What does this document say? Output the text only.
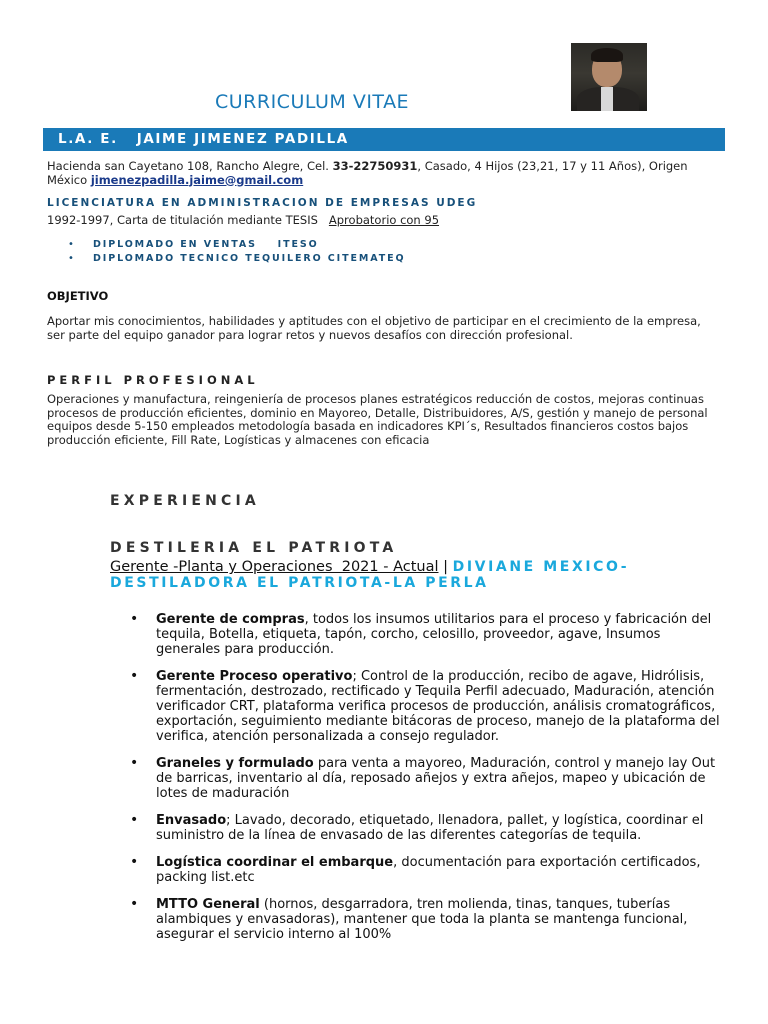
CURRICULUM VITAE
L.A. E.   JAIME JIMENEZ PADILLA
Hacienda san Cayetano 108, Rancho Alegre, Cel. 33-22750931, Casado, 4 Hijos (23,21, 17 y 11 Años), Origen
México jimenezpadilla.jaime@gmail.com
LICENCIATURA EN ADMINISTRACION DE EMPRESAS UDEG
1992-1997, Carta de titulación mediante TESIS   Aprobatorio con 95
•	DIPLOMADO EN VENTAS    ITESO
•	DIPLOMADO TECNICO TEQUILERO CITEMATEQ
OBJETIVO
Aportar mis conocimientos, habilidades y aptitudes con el objetivo de participar en el crecimiento de la empresa,
ser parte del equipo ganador para lograr retos y nuevos desafíos con dirección profesional.
PERFIL PROFESIONAL
Operaciones y manufactura, reingeniería de procesos planes estratégicos reducción de costos, mejoras continuas
procesos de producción eficientes, dominio en Mayoreo, Detalle, Distribuidores, A/S, gestión y manejo de personal
equipos desde 5-150 empleados metodología basada en indicadores KPI´s, Resultados financieros costos bajos
producción eficiente, Fill Rate, Logísticas y almacenes con eficacia
EXPERIENCIA
DESTILERIA EL PATRIOTA
Gerente -Planta y Operaciones  2021 - Actual | DIVIANE MEXICO-
DESTILADORA EL PATRIOTA-LA PERLA
•	Gerente de compras, todos los insumos utilitarios para el proceso y fabricación del tequila, Botella, etiqueta, tapón, corcho, celosillo, proveedor, agave, Insumos generales para producción.
•	Gerente Proceso operativo; Control de la producción, recibo de agave, Hidrólisis, fermentación, destrozado, rectificado y Tequila Perfil adecuado, Maduración, atención verificador CRT, plataforma verifica procesos de producción, análisis cromatográficos, exportación, seguimiento mediante bitácoras de proceso, manejo de la plataforma del verifica, atención personalizada a consejo regulador.
•	Graneles y formulado para venta a mayoreo, Maduración, control y manejo lay Out de barricas, inventario al día, reposado añejos y extra añejos, mapeo y ubicación de lotes de maduración
•	Envasado; Lavado, decorado, etiquetado, llenadora, pallet, y logística, coordinar el suministro de la línea de envasado de las diferentes categorías de tequila.
•	Logística coordinar el embarque, documentación para exportación certificados, packing list.etc
•	MTTO General (hornos, desgarradora, tren molienda, tinas, tanques, tuberías alambiques y envasadoras), mantener que toda la planta se mantenga funcional, asegurar el servicio interno al 100%
